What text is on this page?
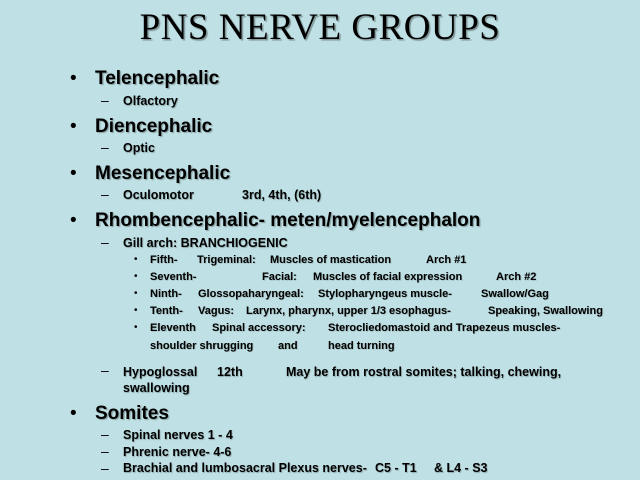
PNS NERVE GROUPS
• Telencephalic
– Olfactory
• Diencephalic
– Optic
• Mesencephalic
– Oculomotor	3rd, 4th, (6th)
• Rhombencephalic- meten/myelencephalon
– Gill arch: BRANCHIOGENIC
• Fifth- Trigeminal: Muscles of mastication	Arch #1
• Seventh-	Facial: Muscles of facial expression	Arch #2
• Ninth- Glossopaharyngeal: Stylopharyngeus muscle-	Swallow/Gag
• Tenth- Vagus: Larynx, pharynx, upper 1/3 esophagus-	Speaking, Swallowing
• Eleventh Spinal accessory: Sterocliedomastoid and Trapezeus muscles-
shoulder shrugging and	head turning
– Hypoglossal 12th	May be from rostral somites; talking, chewing,
swallowing
• Somites
– Spinal nerves 1 - 4
– Phrenic nerve- 4-6
– Brachial and lumbosacral Plexus nerves- C5 - T1 & L4 - S3
